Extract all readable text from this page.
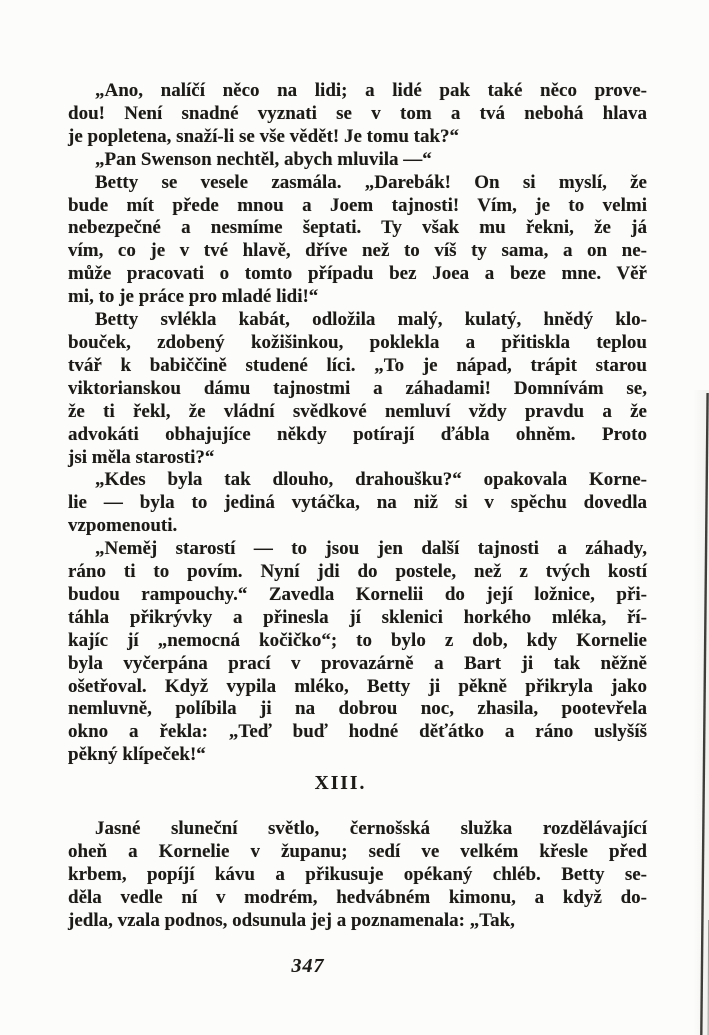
„Ano, nalíčí něco na lidi; a lidé pak také něco prove-
dou! Není snadné vyznati se v tom a tvá nebohá hlava
je popletena, snaží-li se vše vědět! Je tomu tak?“
„Pan Swenson nechtěl, abych mluvila —“
Betty se vesele zasmála. „Darebák! On si myslí, že
bude mít přede mnou a Joem tajnosti! Vím, je to velmi
nebezpečné a nesmíme šeptati. Ty však mu řekni, že já
vím, co je v tvé hlavě, dříve než to víš ty sama, a on ne-
může pracovati o tomto případu bez Joea a beze mne. Věř
mi, to je práce pro mladé lidi!“
Betty svlékla kabát, odložila malý, kulatý, hnědý klo-
bouček, zdobený kožišinkou, poklekla a přitiskla teplou
tvář k babiččině studené líci. „To je nápad, trápit starou
viktorianskou dámu tajnostmi a záhadami! Domnívám se,
že ti řekl, že vládní svědkové nemluví vždy pravdu a že
advokáti obhajujíce někdy potírají ďábla ohněm. Proto
jsi měla starosti?“
„Kdes byla tak dlouho, drahoušku?“ opakovala Korne-
lie — byla to jediná vytáčka, na niž si v spěchu dovedla
vzpomenouti.
„Neměj starostí — to jsou jen další tajnosti a záhady,
ráno ti to povím. Nyní jdi do postele, než z tvých kostí
budou rampouchy.“ Zavedla Kornelii do její ložnice, při-
táhla přikrývky a přinesla jí sklenici horkého mléka, ří-
kajíc jí „nemocná kočičko“; to bylo z dob, kdy Kornelie
byla vyčerpána prací v provazárně a Bart ji tak něžně
ošetřoval. Když vypila mléko, Betty ji pěkně přikryla jako
nemluvně, políbila ji na dobrou noc, zhasila, pootevřela
okno a řekla: „Teď buď hodné děťátko a ráno uslyšíš
pěkný klípeček!“
XIII.
Jasné sluneční světlo, černošská služka rozdělávající
oheň a Kornelie v županu; sedí ve velkém křesle před
krbem, popíjí kávu a přikusuje opékaný chléb. Betty se-
děla vedle ní v modrém, hedvábném kimonu, a když do-
jedla, vzala podnos, odsunula jej a poznamenala: „Tak,
347
